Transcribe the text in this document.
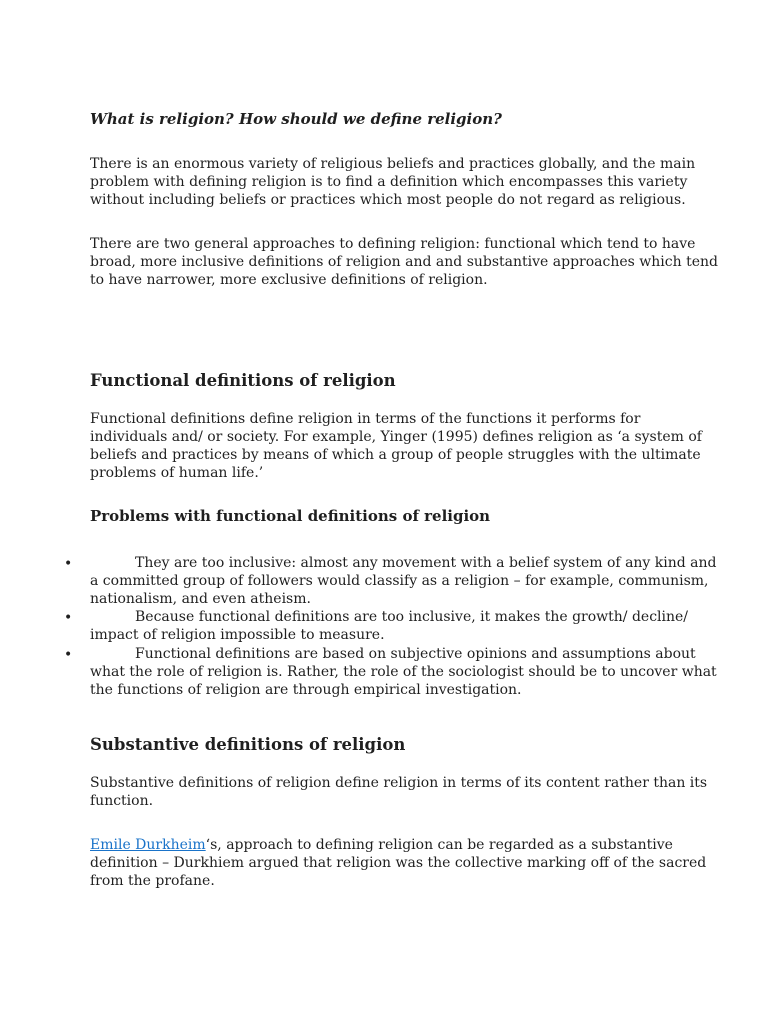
What is religion? How should we define religion?
There is an enormous variety of religious beliefs and practices globally, and the main
problem with defining religion is to find a definition which encompasses this variety
without including beliefs or practices which most people do not regard as religious.
There are two general approaches to defining religion: functional which tend to have
broad, more inclusive definitions of religion and and substantive approaches which tend
to have narrower, more exclusive definitions of religion.
Functional definitions of religion
Functional definitions define religion in terms of the functions it performs for
individuals and/ or society. For example, Yinger (1995) defines religion as ‘a system of
beliefs and practices by means of which a group of people struggles with the ultimate
problems of human life.’
Problems with functional definitions of religion
•	They are too inclusive: almost any movement with a belief system of any kind and
a committed group of followers would classify as a religion – for example, communism,
nationalism, and even atheism.
•	Because functional definitions are too inclusive, it makes the growth/ decline/
impact of religion impossible to measure.
•	Functional definitions are based on subjective opinions and assumptions about
what the role of religion is. Rather, the role of the sociologist should be to uncover what
the functions of religion are through empirical investigation.
Substantive definitions of religion
Substantive definitions of religion define religion in terms of its content rather than its
function.
Emile Durkheim‘s, approach to defining religion can be regarded as a substantive
definition – Durkhiem argued that religion was the collective marking off of the sacred
from the profane.
